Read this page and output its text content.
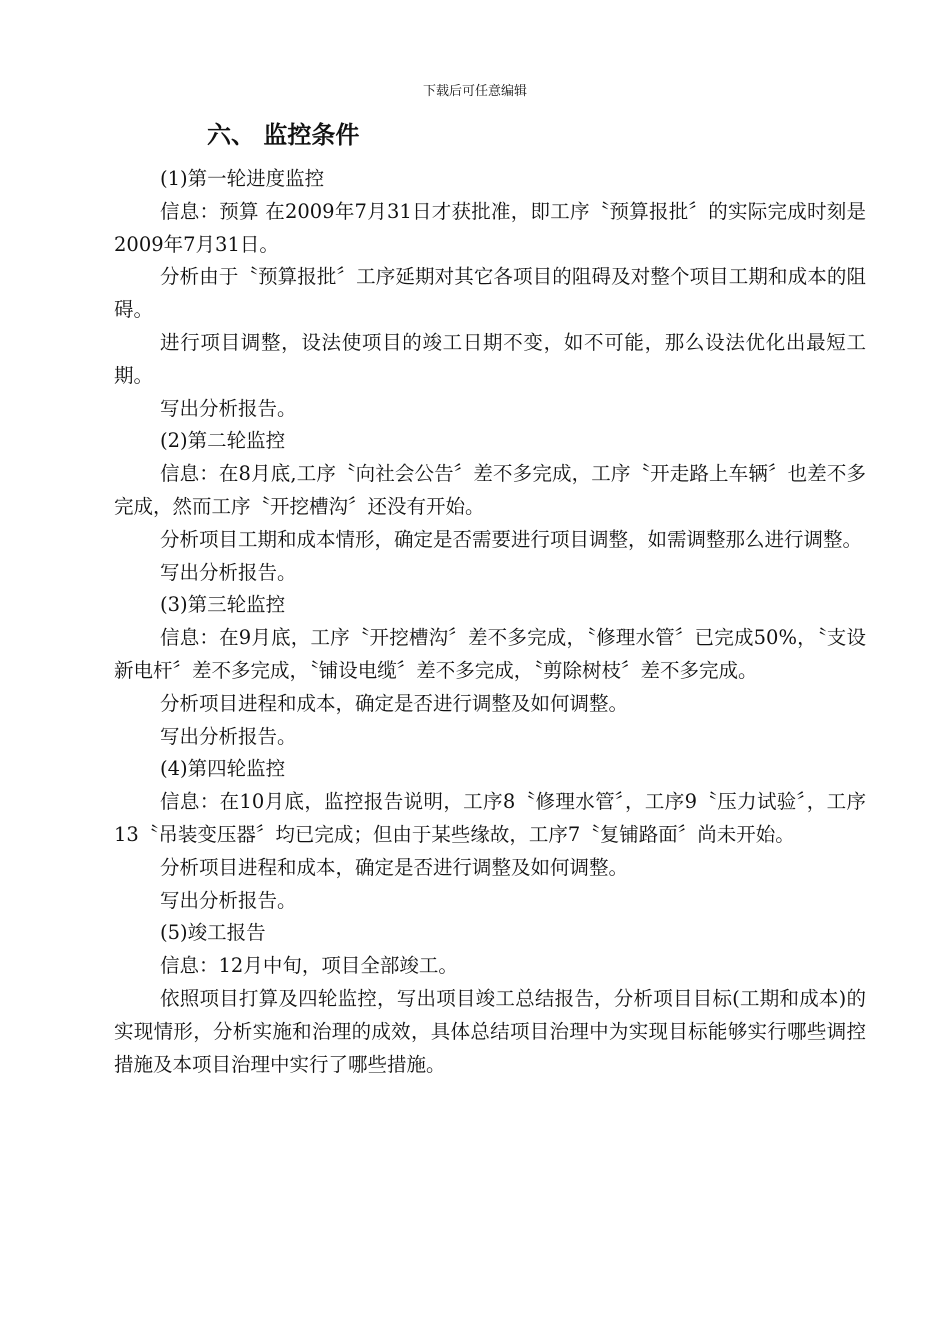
下载后可任意编辑
六、 监控条件

(1)第一轮进度监控

信息：预算 在2009年7月31日才获批准，即工序〝预算报批〞的实际完成时刻是2009年7月31日。

分析由于〝预算报批〞工序延期对其它各项目的阻碍及对整个项目工期和成本的阻碍。

进行项目调整，设法使项目的竣工日期不变，如不可能，那么设法优化出最短工期。

写出分析报告。

(2)第二轮监控

信息：在8月底,工序〝向社会公告〞差不多完成，工序〝开走路上车辆〞也差不多完成，然而工序〝开挖槽沟〞还没有开始。

分析项目工期和成本情形，确定是否需要进行项目调整，如需调整那么进行调整。

写出分析报告。

(3)第三轮监控

信息：在9月底，工序〝开挖槽沟〞差不多完成，〝修理水管〞已完成50%，〝支设新电杆〞差不多完成，〝铺设电缆〞差不多完成，〝剪除树枝〞差不多完成。

分析项目进程和成本，确定是否进行调整及如何调整。

写出分析报告。

(4)第四轮监控

信息：在10月底，监控报告说明，工序8〝修理水管〞，工序9〝压力试验〞，工序13〝吊装变压器〞均已完成；但由于某些缘故，工序7〝复铺路面〞尚未开始。

分析项目进程和成本，确定是否进行调整及如何调整。

写出分析报告。

(5)竣工报告

信息：12月中旬，项目全部竣工。

依照项目打算及四轮监控，写出项目竣工总结报告，分析项目目标(工期和成本)的实现情形，分析实施和治理的成效，具体总结项目治理中为实现目标能够实行哪些调控措施及本项目治理中实行了哪些措施。
